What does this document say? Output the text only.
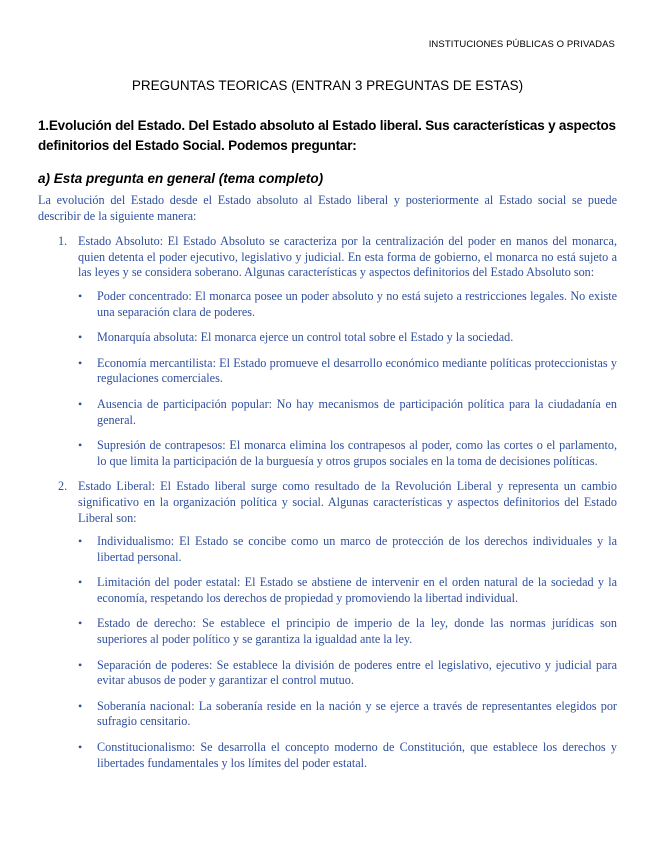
INSTITUCIONES PÚBLICAS O PRIVADAS
PREGUNTAS TEORICAS (ENTRAN 3 PREGUNTAS DE ESTAS)
1.Evolución del Estado. Del Estado absoluto al Estado liberal. Sus características y aspectos definitorios del Estado Social. Podemos preguntar:
a) Esta pregunta en general (tema completo)

La evolución del Estado desde el Estado absoluto al Estado liberal y posteriormente al Estado social se puede describir de la siguiente manera:

1. Estado Absoluto: El Estado Absoluto se caracteriza por la centralización del poder en manos del monarca, quien detenta el poder ejecutivo, legislativo y judicial. En esta forma de gobierno, el monarca no está sujeto a las leyes y se considera soberano. Algunas características y aspectos definitorios del Estado Absoluto son:

• Poder concentrado: El monarca posee un poder absoluto y no está sujeto a restricciones legales. No existe una separación clara de poderes.
• Monarquía absoluta: El monarca ejerce un control total sobre el Estado y la sociedad.
• Economía mercantilista: El Estado promueve el desarrollo económico mediante políticas proteccionistas y regulaciones comerciales.
• Ausencia de participación popular: No hay mecanismos de participación política para la ciudadanía en general.
• Supresión de contrapesos: El monarca elimina los contrapesos al poder, como las cortes o el parlamento, lo que limita la participación de la burguesía y otros grupos sociales en la toma de decisiones políticas.
2. Estado Liberal: El Estado liberal surge como resultado de la Revolución Liberal y representa un cambio significativo en la organización política y social. Algunas características y aspectos definitorios del Estado Liberal son:

• Individualismo: El Estado se concibe como un marco de protección de los derechos individuales y la libertad personal.
• Limitación del poder estatal: El Estado se abstiene de intervenir en el orden natural de la sociedad y la economía, respetando los derechos de propiedad y promoviendo la libertad individual.
• Estado de derecho: Se establece el principio de imperio de la ley, donde las normas jurídicas son superiores al poder político y se garantiza la igualdad ante la ley.
• Separación de poderes: Se establece la división de poderes entre el legislativo, ejecutivo y judicial para evitar abusos de poder y garantizar el control mutuo.
• Soberanía nacional: La soberanía reside en la nación y se ejerce a través de representantes elegidos por sufragio censitario.
• Constitucionalismo: Se desarrolla el concepto moderno de Constitución, que establece los derechos y libertades fundamentales y los límites del poder estatal.
